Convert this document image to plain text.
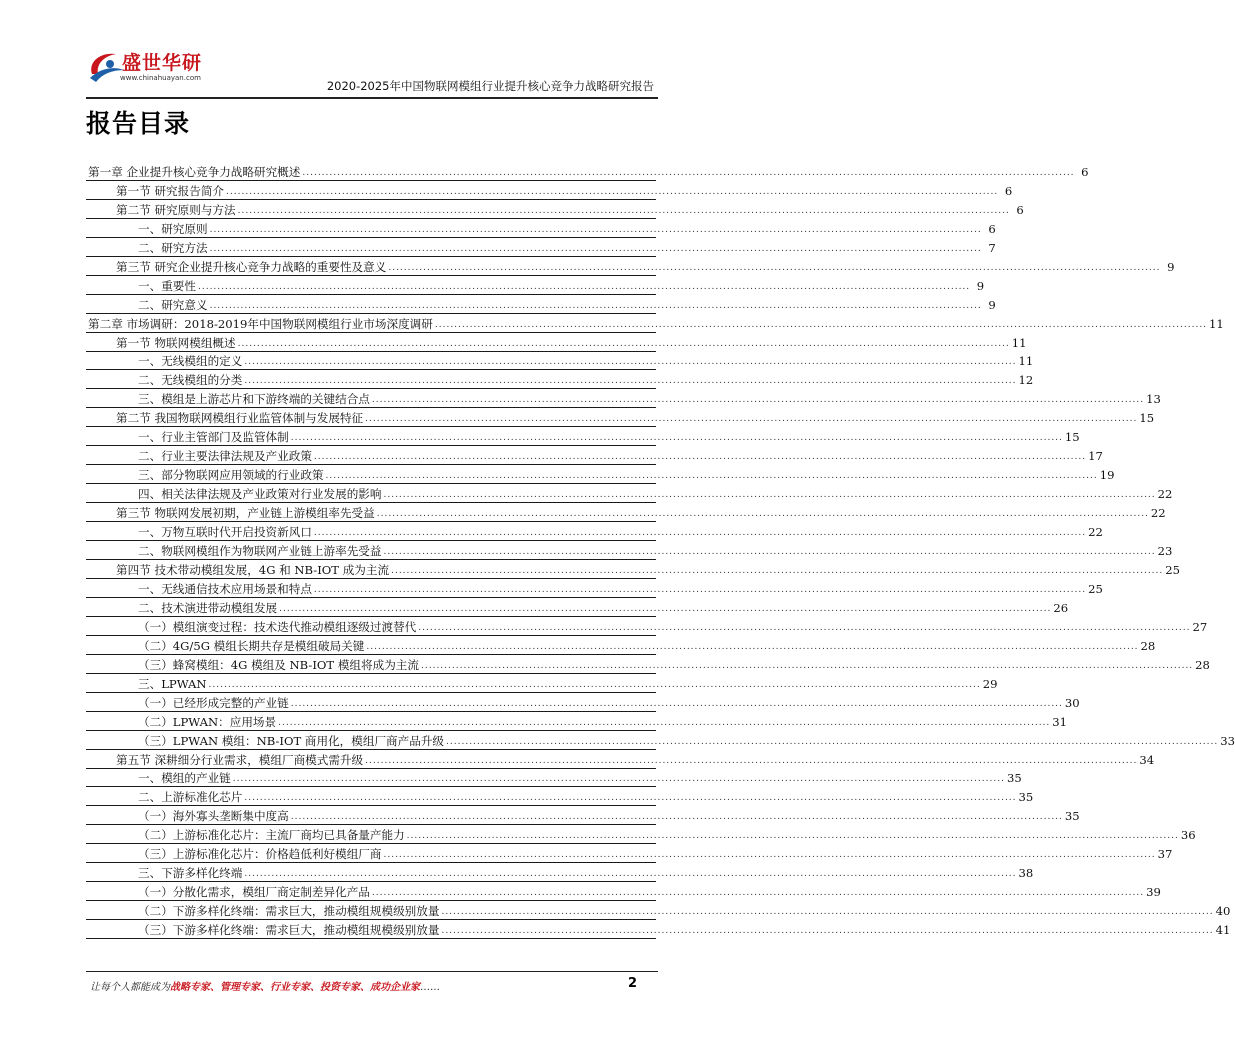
盛世华研
www.chinahuayan.com
2020-2025年中国物联网模组行业提升核心竞争力战略研究报告
报告目录
第一章 企业提升核心竞争力战略研究概述 ........................................................................................................................................................................................................ 6
第一节 研究报告简介 ........................................................................................................................................................................................................ 6
第二节 研究原则与方法 ........................................................................................................................................................................................................ 6
一、研究原则 ........................................................................................................................................................................................................ 6
二、研究方法 ........................................................................................................................................................................................................ 7
第三节 研究企业提升核心竞争力战略的重要性及意义 ........................................................................................................................................................................................................ 9
一、重要性 ........................................................................................................................................................................................................ 9
二、研究意义 ........................................................................................................................................................................................................ 9
第二章 市场调研：2018-2019年中国物联网模组行业市场深度调研 ........................................................................................................................................................................................................ 11
第一节 物联网模组概述 ........................................................................................................................................................................................................ 11
一、无线模组的定义 ........................................................................................................................................................................................................ 11
二、无线模组的分类 ........................................................................................................................................................................................................ 12
三、模组是上游芯片和下游终端的关键结合点 ........................................................................................................................................................................................................ 13
第二节 我国物联网模组行业监管体制与发展特征 ........................................................................................................................................................................................................ 15
一、行业主管部门及监管体制 ........................................................................................................................................................................................................ 15
二、行业主要法律法规及产业政策 ........................................................................................................................................................................................................ 17
三、部分物联网应用领域的行业政策 ........................................................................................................................................................................................................ 19
四、相关法律法规及产业政策对行业发展的影响 ........................................................................................................................................................................................................ 22
第三节 物联网发展初期，产业链上游模组率先受益 ........................................................................................................................................................................................................ 22
一、万物互联时代开启投资新风口 ........................................................................................................................................................................................................ 22
二、物联网模组作为物联网产业链上游率先受益 ........................................................................................................................................................................................................ 23
第四节 技术带动模组发展，4G 和 NB-IOT 成为主流 ........................................................................................................................................................................................................ 25
一、无线通信技术应用场景和特点 ........................................................................................................................................................................................................ 25
二、技术演进带动模组发展 ........................................................................................................................................................................................................ 26
（一）模组演变过程：技术迭代推动模组逐级过渡替代 ........................................................................................................................................................................................................ 27
（二）4G/5G 模组长期共存是模组破局关键 ........................................................................................................................................................................................................ 28
（三）蜂窝模组：4G 模组及 NB-IOT 模组将成为主流 ........................................................................................................................................................................................................ 28
三、LPWAN ........................................................................................................................................................................................................ 29
（一）已经形成完整的产业链 ........................................................................................................................................................................................................ 30
（二）LPWAN：应用场景 ........................................................................................................................................................................................................ 31
（三）LPWAN 模组：NB-IOT 商用化，模组厂商产品升级 ........................................................................................................................................................................................................ 33
第五节 深耕细分行业需求，模组厂商模式需升级 ........................................................................................................................................................................................................ 34
一、模组的产业链 ........................................................................................................................................................................................................ 35
二、上游标准化芯片 ........................................................................................................................................................................................................ 35
（一）海外寡头垄断集中度高 ........................................................................................................................................................................................................ 35
（二）上游标准化芯片：主流厂商均已具备量产能力 ........................................................................................................................................................................................................ 36
（三）上游标准化芯片：价格趋低利好模组厂商 ........................................................................................................................................................................................................ 37
三、下游多样化终端 ........................................................................................................................................................................................................ 38
（一）分散化需求，模组厂商定制差异化产品 ........................................................................................................................................................................................................ 39
（二）下游多样化终端：需求巨大，推动模组规模级别放量 ........................................................................................................................................................................................................ 40
（三）下游多样化终端：需求巨大，推动模组规模级别放量 ........................................................................................................................................................................................................ 41
让每个人都能成为战略专家、管理专家、行业专家、投资专家、成功企业家……	2
